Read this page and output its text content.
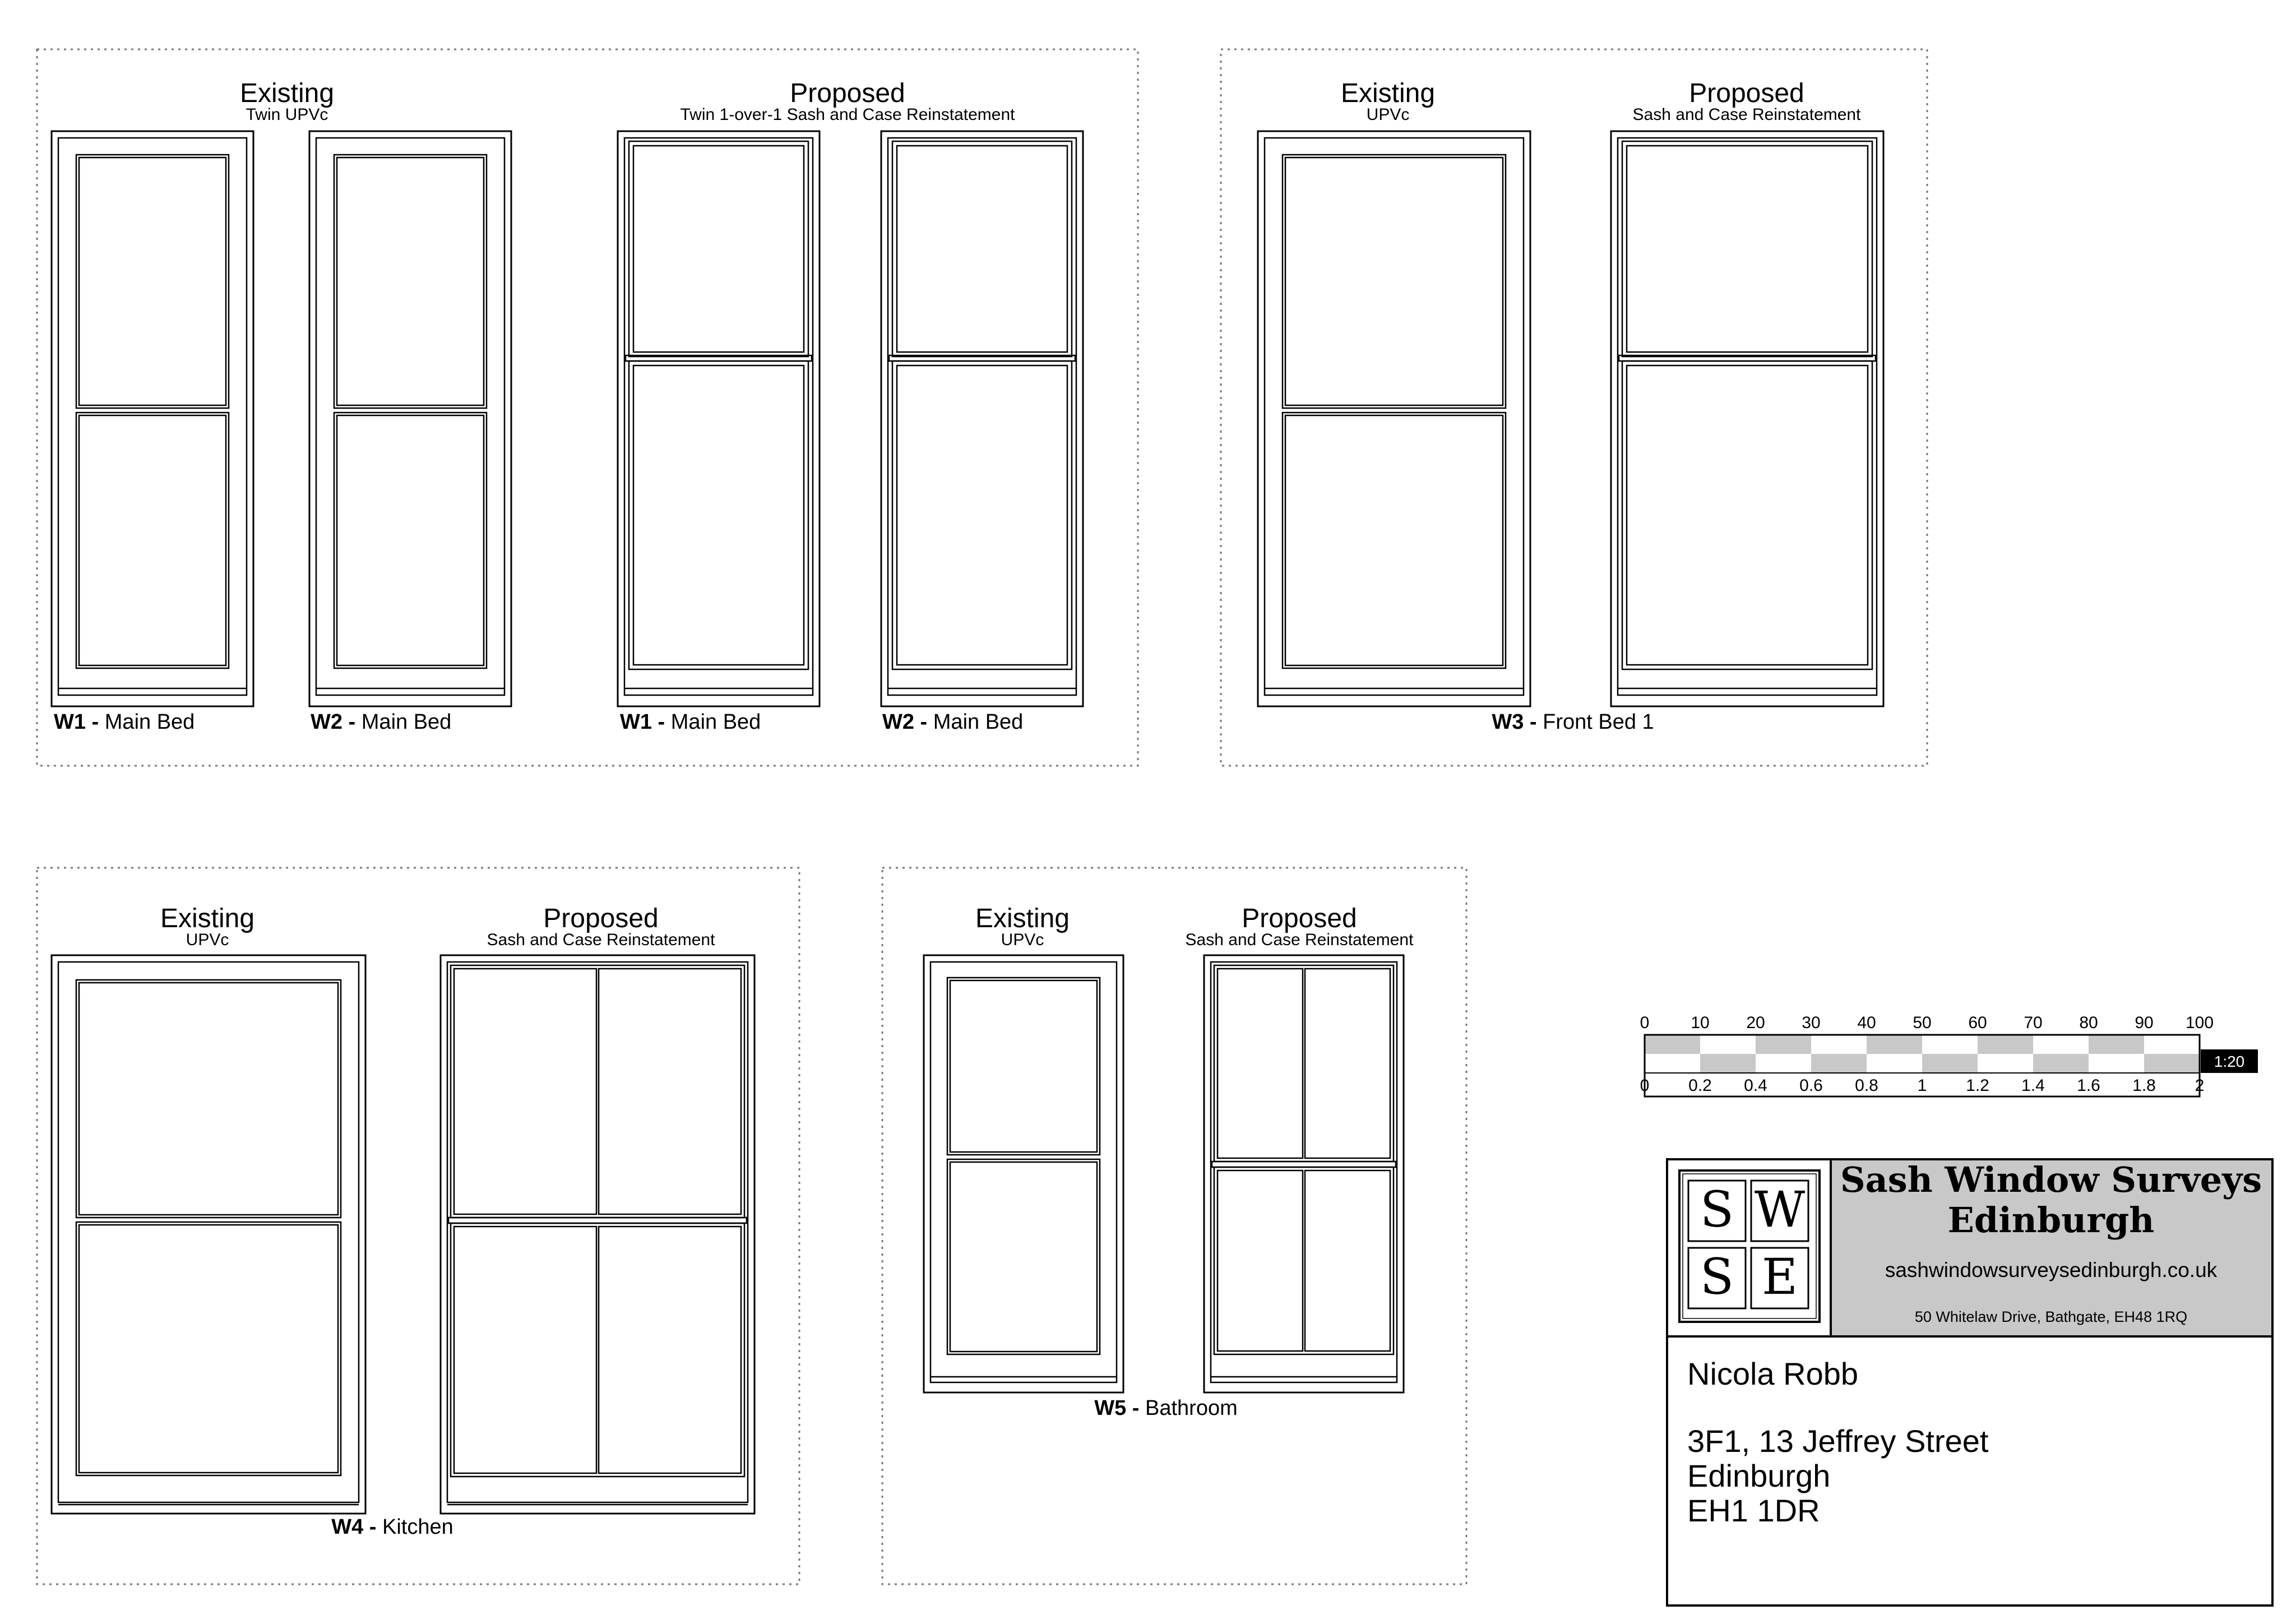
Existing
Twin UPVc
Proposed
Twin 1-over-1 Sash and Case Reinstatement
W1 - Main Bed	W2 - Main Bed	W1 - Main Bed	W2 - Main Bed
Existing
UPVc
Proposed
Sash and Case Reinstatement
W3 - Front Bed 1
Existing
UPVc
Proposed
Sash and Case Reinstatement
W4 - Kitchen
Existing
UPVc
Proposed
Sash and Case Reinstatement
W5 - Bathroom
0 10 20 30 40 50 60 70 80 90 100
0 0.2 0.4 0.6 0.8 1 1.2 1.4 1.6 1.8 2
1:20
S W
S E
Sash Window Surveys
Edinburgh
sashwindowsurveysedinburgh.co.uk
50 Whitelaw Drive, Bathgate, EH48 1RQ
Nicola Robb
3F1, 13 Jeffrey Street
Edinburgh
EH1 1DR
